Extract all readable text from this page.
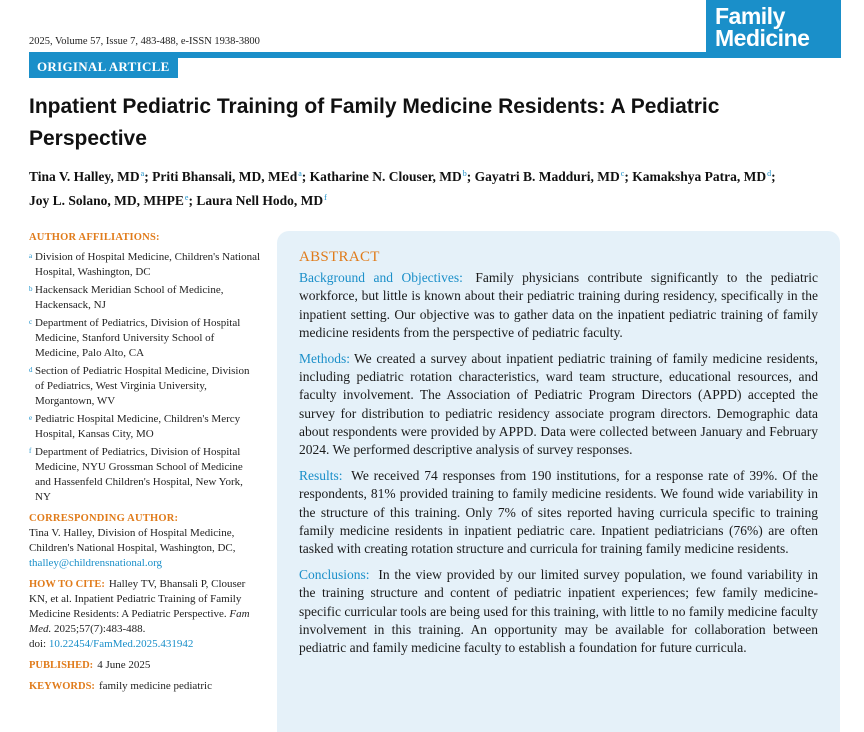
Family
Medicine
2025, Volume 57, Issue 7, 483-488, e-ISSN 1938-3800
ORIGINAL ARTICLE
Inpatient Pediatric Training of Family Medicine Residents: A Pediatric Perspective
Tina V. Halley, $MD^a$; Priti Bhansali, MD, MEd$^a$; Katharine N. Clouser, $MD^b$; Gayatri B. Madduri, $MD^c$; Kamakshya Patra, $MD^d$;
Joy L. Solano, MD, MHPE$^e$; Laura Nell Hodo, $MD^f$
AUTHOR AFFILIATIONS:
a Division of Hospital Medicine, Children's National Hospital, Washington, DC
b Hackensack Meridian School of Medicine, Hackensack, NJ
c Department of Pediatrics, Division of Hospital Medicine, Stanford University School of Medicine, Palo Alto, CA
d Section of Pediatric Hospital Medicine, Division of Pediatrics, West Virginia University, Morgantown, WV
e Pediatric Hospital Medicine, Children's Mercy Hospital, Kansas City, MO
f Department of Pediatrics, Division of Hospital Medicine, NYU Grossman School of Medicine and Hassenfeld Children's Hospital, New York, NY
CORRESPONDING AUTHOR:
Tina V. Halley, Division of Hospital Medicine, Children's National Hospital, Washington, DC,
thalley@childrensnational.org
HOW TO CITE: Halley TV, Bhansali P, Clouser KN, et al. Inpatient Pediatric Training of Family Medicine Residents: A Pediatric Perspective. Fam Med. 2025;57(7):483-488.
doi: 10.22454/FamMed.2025.431942
PUBLISHED: 4 June 2025
KEYWORDS: family medicine pediatric
ABSTRACT

Background and Objectives: Family physicians contribute significantly to the pediatric workforce, but little is known about their pediatric training during residency, specifically in the inpatient setting. Our objective was to gather data on the inpatient pediatric training of family medicine residents from the perspective of pediatric faculty.

Methods: We created a survey about inpatient pediatric training of family medicine residents, including pediatric rotation characteristics, ward team structure, educational resources, and faculty involvement. The Association of Pediatric Program Directors (APPD) accepted the survey for distribution to pediatric residency associate program directors. Demographic data about respondents were provided by APPD. Data were collected between January and February 2024. We performed descriptive analysis of survey responses.

Results: We received 74 responses from 190 institutions, for a response rate of 39%. Of the respondents, 81% provided training to family medicine residents. We found wide variability in the structure of this training. Only 7% of sites reported having curricula specific to training family medicine residents in inpatient pediatric care. Inpatient pediatricians (76%) are often tasked with creating rotation structure and curricula for training family medicine residents.

Conclusions: In the view provided by our limited survey population, we found variability in the training structure and content of pediatric inpatient experiences; few family medicine-specific curricular tools are being used for this training, with little to no family medicine faculty involvement in this training. An opportunity may be available for collaboration between pediatric and family medicine faculty to establish a foundation for future curricula.
